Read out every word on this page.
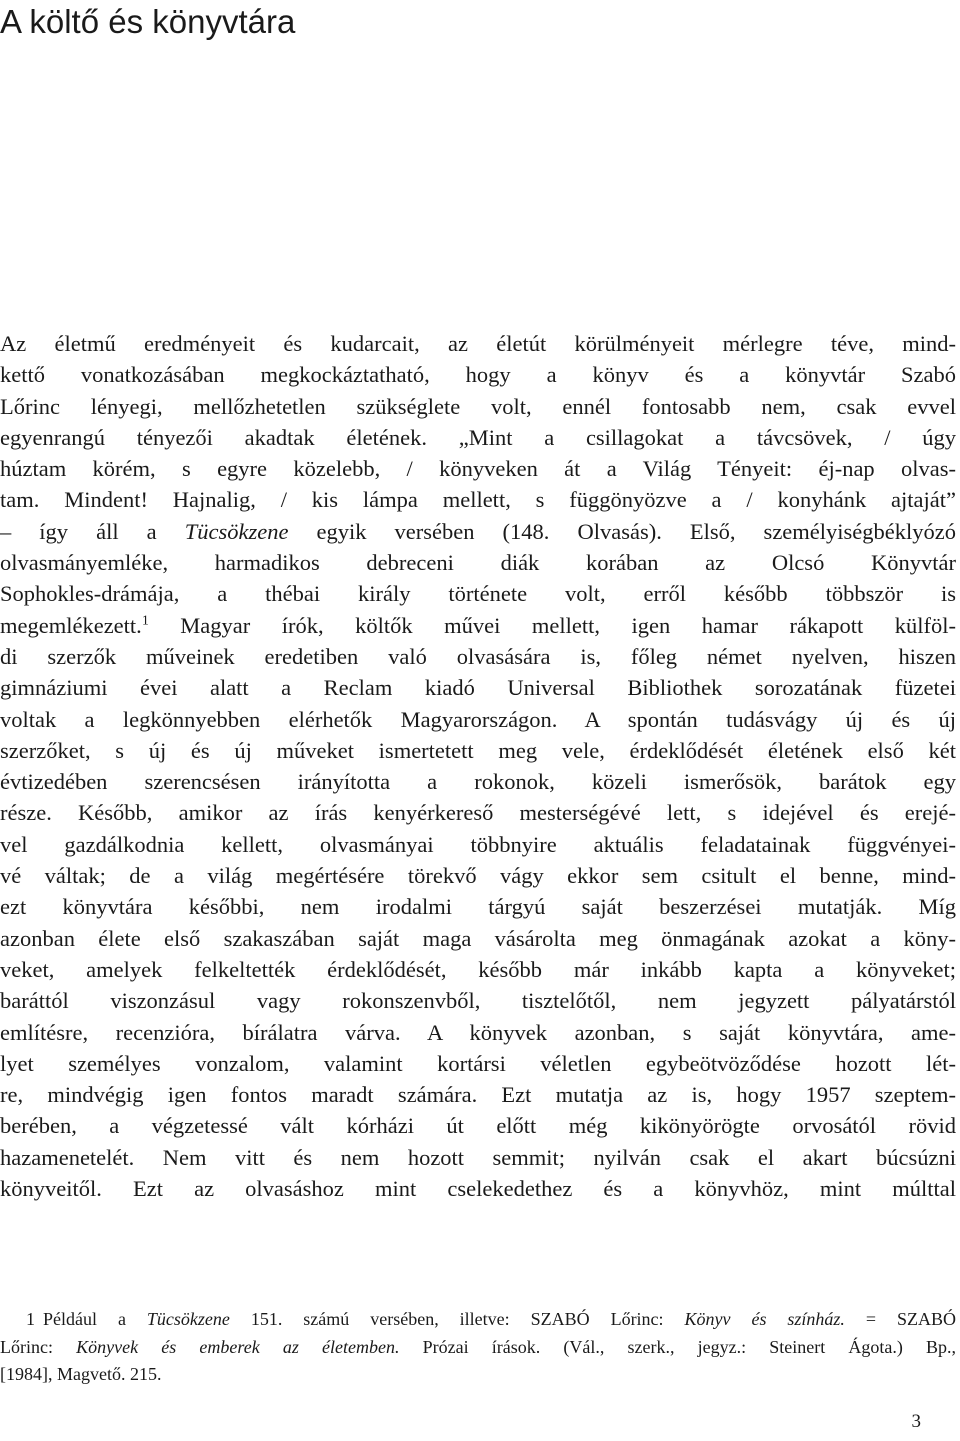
A költő és könyvtára
Az életmű eredményeit és kudarcait, az életút körülményeit mérlegre téve, mind-
kettő vonatkozásában megkockáztatható, hogy a könyv és a könyvtár Szabó
Lőrinc lényegi, mellőzhetetlen szükséglete volt, ennél fontosabb nem, csak evvel
egyenrangú tényezői akadtak életének. „Mint a csillagokat a távcsövek, / úgy
húztam körém, s egyre közelebb, / könyveken át a Világ Tényeit: éj-nap olvas-
tam. Mindent! Hajnalig, / kis lámpa mellett, s függönyözve a / konyhánk ajtaját”
– így áll a Tücsökzene egyik versében (148. Olvasás). Első, személyiségbéklyózó
olvasmányemléke, harmadikos debreceni diák korában az Olcsó Könyvtár
Sophokles-drámája, a thébai király története volt, erről később többször is
megemlékezett.$^1$ Magyar írók, költők művei mellett, igen hamar rákapott külföl-
di szerzők műveinek eredetiben való olvasására is, főleg német nyelven, hiszen
gimnáziumi évei alatt a Reclam kiadó Universal Bibliothek sorozatának füzetei
voltak a legkönnyebben elérhetők Magyarországon. A spontán tudásvágy új és új
szerzőket, s új és új műveket ismertetett meg vele, érdeklődését életének első két
évtizedében szerencsésen irányította a rokonok, közeli ismerősök, barátok egy
része. Később, amikor az írás kenyérkereső mesterségévé lett, s idejével és erejé-
vel gazdálkodnia kellett, olvasmányai többnyire aktuális feladatainak függvényei-
vé váltak; de a világ megértésére törekvő vágy ekkor sem csitult el benne, mind-
ezt könyvtára későbbi, nem irodalmi tárgyú saját beszerzései mutatják. Míg
azonban élete első szakaszában saját maga vásárolta meg önmagának azokat a köny-
veket, amelyek felkeltették érdeklődését, később már inkább kapta a könyveket;
baráttól viszonzásul vagy rokonszenvből, tisztelőtől, nem jegyzett pályatárstól
említésre, recenzióra, bírálatra várva. A könyvek azonban, s saját könyvtára, ame-
lyet személyes vonzalom, valamint kortársi véletlen egybeötvöződése hozott lét-
re, mindvégig igen fontos maradt számára. Ezt mutatja az is, hogy 1957 szeptem-
berében, a végzetessé vált kórházi út előtt még kikönyörögte orvosától rövid
hazamenetelét. Nem vitt és nem hozott semmit; nyilván csak el akart búcsúzni
könyveitől. Ezt az olvasáshoz mint cselekedethez és a könyvhöz, mint múlttal
1 Például a Tücsökzene 151. számú versében, illetve: SZABÓ Lőrinc: Könyv és színház. = SZABÓ
Lőrinc: Könyvek és emberek az életemben. Prózai írások. (Vál., szerk., jegyz.: Steinert Ágota.) Bp.,
[1984], Magvető. 215.
3
